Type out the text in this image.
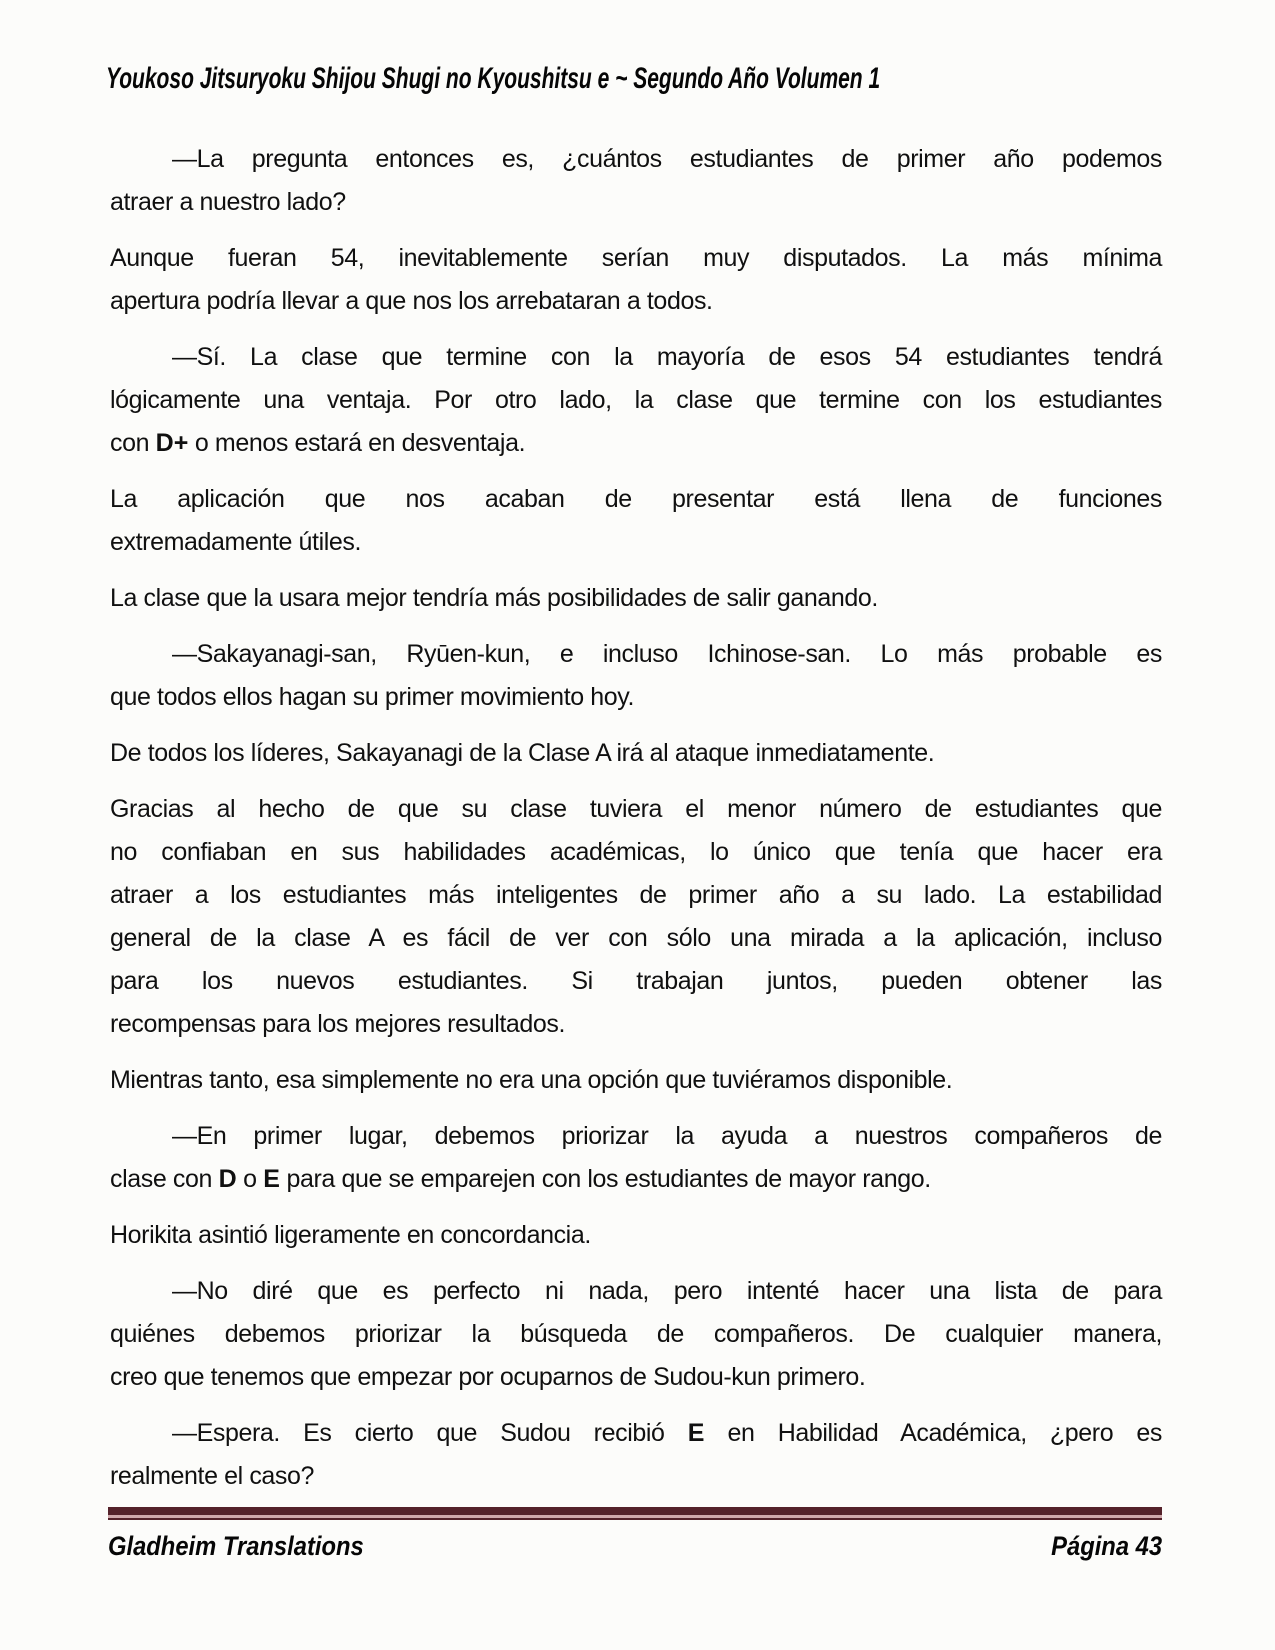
Youkoso Jitsuryoku Shijou Shugi no Kyoushitsu e ~ Segundo Año Volumen 1
—La pregunta entonces es, ¿cuántos estudiantes de primer año podemos
atraer a nuestro lado?
Aunque fueran 54, inevitablemente serían muy disputados. La más mínima
apertura podría llevar a que nos los arrebataran a todos.
—Sí. La clase que termine con la mayoría de esos 54 estudiantes tendrá
lógicamente una ventaja. Por otro lado, la clase que termine con los estudiantes
con D+ o menos estará en desventaja.
La aplicación que nos acaban de presentar está llena de funciones
extremadamente útiles.
La clase que la usara mejor tendría más posibilidades de salir ganando.
—Sakayanagi-san, Ryūen-kun, e incluso Ichinose-san. Lo más probable es
que todos ellos hagan su primer movimiento hoy.
De todos los líderes, Sakayanagi de la Clase A irá al ataque inmediatamente.
Gracias al hecho de que su clase tuviera el menor número de estudiantes que
no confiaban en sus habilidades académicas, lo único que tenía que hacer era
atraer a los estudiantes más inteligentes de primer año a su lado. La estabilidad
general de la clase A es fácil de ver con sólo una mirada a la aplicación, incluso
para los nuevos estudiantes. Si trabajan juntos, pueden obtener las
recompensas para los mejores resultados.
Mientras tanto, esa simplemente no era una opción que tuviéramos disponible.
—En primer lugar, debemos priorizar la ayuda a nuestros compañeros de
clase con D o E para que se emparejen con los estudiantes de mayor rango.
Horikita asintió ligeramente en concordancia.
—No diré que es perfecto ni nada, pero intenté hacer una lista de para
quiénes debemos priorizar la búsqueda de compañeros. De cualquier manera,
creo que tenemos que empezar por ocuparnos de Sudou-kun primero.
—Espera. Es cierto que Sudou recibió E en Habilidad Académica, ¿pero es
realmente el caso?
Gladheim Translations	Página 43
